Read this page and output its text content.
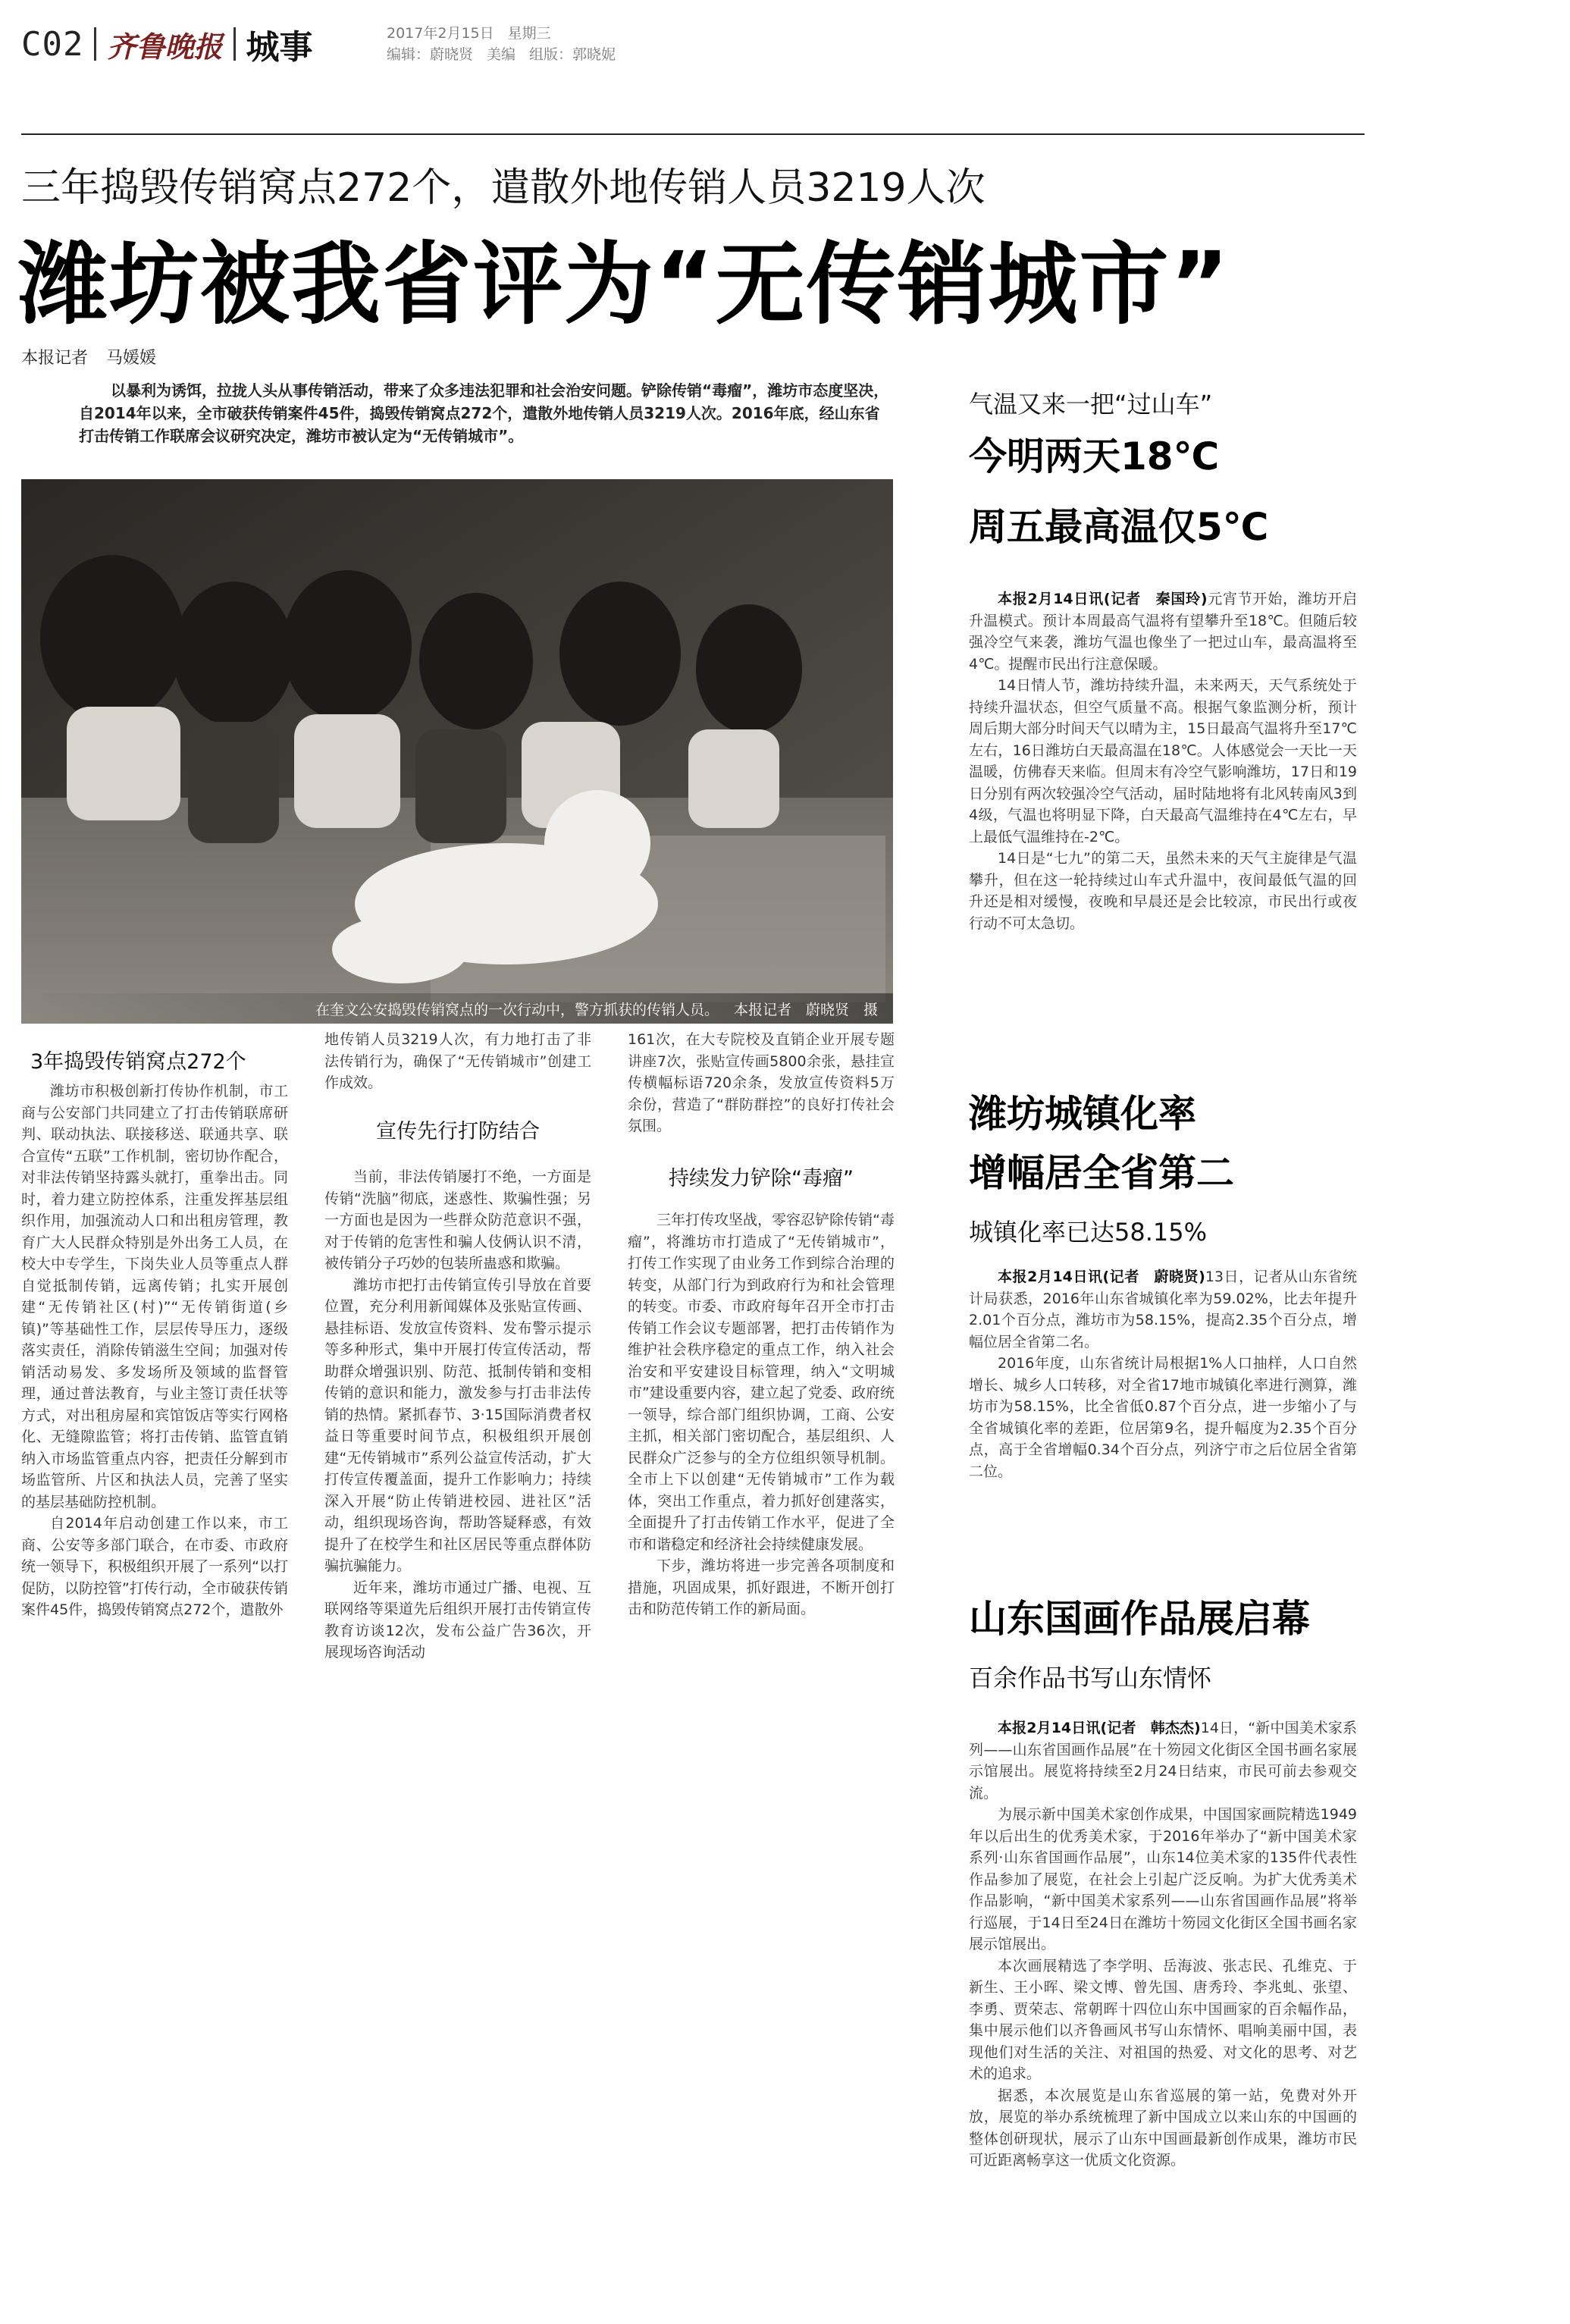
C02 齐鲁晚报 城事	2017年2月15日 星期三
编辑：蔚晓贤 美编 组版：郭晓妮
三年捣毁传销窝点272个，遣散外地传销人员3219人次
潍坊被我省评为“无传销城市”
本报记者 马媛媛
以暴利为诱饵，拉拢人头从事传销活动，带来了众多违法犯罪和社会治安问题。铲除传销“毒瘤”，潍坊市态度坚决，自2014年以来，全市破获传销案件45件，捣毁传销窝点272个，遣散外地传销人员3219人次。2016年底，经山东省打击传销工作联席会议研究决定，潍坊市被认定为“无传销城市”。
在奎文公安捣毁传销窝点的一次行动中，警方抓获的传销人员。 本报记者　蔚晓贤　摄
3年捣毁传销窝点272个

潍坊市积极创新打传协作机制，市工商与公安部门共同建立了打击传销联席研判、联动执法、联接移送、联通共享、联合宣传“五联”工作机制，密切协作配合，对非法传销坚持露头就打，重拳出击。同时，着力建立防控体系，注重发挥基层组织作用，加强流动人口和出租房管理，教育广大人民群众特别是外出务工人员，在校大中专学生，下岗失业人员等重点人群自觉抵制传销，远离传销；扎实开展创建“无传销社区(村)”“无传销街道(乡镇)”等基础性工作，层层传导压力，逐级落实责任，消除传销滋生空间；加强对传销活动易发、多发场所及领域的监督管理，通过普法教育，与业主签订责任状等方式，对出租房屋和宾馆饭店等实行网格化、无缝隙监管；将打击传销、监管直销纳入市场监管重点内容，把责任分解到市场监管所、片区和执法人员，完善了坚实的基层基础防控机制。

自2014年启动创建工作以来，市工商、公安等多部门联合，在市委、市政府统一领导下，积极组织开展了一系列“以打促防，以防控管”打传行动，全市破获传销案件45件，捣毁传销窝点272个，遣散外

地传销人员3219人次，有力地打击了非法传销行为，确保了“无传销城市”创建工作成效。

宣传先行打防结合

当前，非法传销屡打不绝，一方面是传销“洗脑”彻底，迷惑性、欺骗性强；另一方面也是因为一些群众防范意识不强，对于传销的危害性和骗人伎俩认识不清，被传销分子巧妙的包装所蛊惑和欺骗。

潍坊市把打击传销宣传引导放在首要位置，充分利用新闻媒体及张贴宣传画、悬挂标语、发放宣传资料、发布警示提示等多种形式，集中开展打传宣传活动，帮助群众增强识别、防范、抵制传销和变相传销的意识和能力，激发参与打击非法传销的热情。紧抓春节、3·15国际消费者权益日等重要时间节点，积极组织开展创建“无传销城市”系列公益宣传活动，扩大打传宣传覆盖面，提升工作影响力；持续深入开展“防止传销进校园、进社区”活动，组织现场咨询，帮助答疑释惑，有效提升了在校学生和社区居民等重点群体防骗抗骗能力。

近年来，潍坊市通过广播、电视、互联网络等渠道先后组织开展打击传销宣传教育访谈12次，发布公益广告36次，开展现场咨询活动

161次，在大专院校及直销企业开展专题讲座7次，张贴宣传画5800余张，悬挂宣传横幅标语720余条，发放宣传资料5万余份，营造了“群防群控”的良好打传社会氛围。

持续发力铲除“毒瘤”

三年打传攻坚战，零容忍铲除传销“毒瘤”，将潍坊市打造成了“无传销城市”，打传工作实现了由业务工作到综合治理的转变，从部门行为到政府行为和社会管理的转变。市委、市政府每年召开全市打击传销工作会议专题部署，把打击传销作为维护社会秩序稳定的重点工作，纳入社会治安和平安建设目标管理，纳入“文明城市”建设重要内容，建立起了党委、政府统一领导，综合部门组织协调，工商、公安主抓，相关部门密切配合，基层组织、人民群众广泛参与的全方位组织领导机制。全市上下以创建“无传销城市”工作为载体，突出工作重点，着力抓好创建落实，全面提升了打击传销工作水平，促进了全市和谐稳定和经济社会持续健康发展。

下步，潍坊将进一步完善各项制度和措施，巩固成果，抓好跟进，不断开创打击和防范传销工作的新局面。

气温又来一把“过山车”
今明两天18℃
周五最高温仅5℃

本报2月14日讯(记者　秦国玲)元宵节开始，潍坊开启升温模式。预计本周最高气温将有望攀升至18℃。但随后较强冷空气来袭，潍坊气温也像坐了一把过山车，最高温将至4℃。提醒市民出行注意保暖。

14日情人节，潍坊持续升温，未来两天，天气系统处于持续升温状态，但空气质量不高。根据气象监测分析，预计周后期大部分时间天气以晴为主，15日最高气温将升至17℃左右，16日潍坊白天最高温在18℃。人体感觉会一天比一天温暖，仿佛春天来临。但周末有冷空气影响潍坊，17日和19日分别有两次较强冷空气活动，届时陆地将有北风转南风3到4级，气温也将明显下降，白天最高气温维持在4℃左右，早上最低气温维持在-2℃。

14日是“七九”的第二天，虽然未来的天气主旋律是气温攀升，但在这一轮持续过山车式升温中，夜间最低气温的回升还是相对缓慢，夜晚和早晨还是会比较凉，市民出行或夜行动不可太急切。

潍坊城镇化率
增幅居全省第二
城镇化率已达58.15%

本报2月14日讯(记者　蔚晓贤)13日，记者从山东省统计局获悉，2016年山东省城镇化率为59.02%，比去年提升2.01个百分点，潍坊市为58.15%，提高2.35个百分点，增幅位居全省第二名。

2016年度，山东省统计局根据1%人口抽样，人口自然增长、城乡人口转移，对全省17地市城镇化率进行测算，潍坊市为58.15%，比全省低0.87个百分点，进一步缩小了与全省城镇化率的差距，位居第9名，提升幅度为2.35个百分点，高于全省增幅0.34个百分点，列济宁市之后位居全省第二位。

山东国画作品展启幕
百余作品书写山东情怀

本报2月14日讯(记者　韩杰杰)14日，“新中国美术家系列——山东省国画作品展”在十笏园文化街区全国书画名家展示馆展出。展览将持续至2月24日结束，市民可前去参观交流。

为展示新中国美术家创作成果，中国国家画院精选1949年以后出生的优秀美术家，于2016年举办了“新中国美术家系列·山东省国画作品展”，山东14位美术家的135件代表性作品参加了展览，在社会上引起广泛反响。为扩大优秀美术作品影响，“新中国美术家系列——山东省国画作品展”将举行巡展，于14日至24日在潍坊十笏园文化街区全国书画名家展示馆展出。

本次画展精选了李学明、岳海波、张志民、孔维克、于新生、王小晖、梁文博、曾先国、唐秀玲、李兆虬、张望、李勇、贾荣志、常朝晖十四位山东中国画家的百余幅作品，集中展示他们以齐鲁画风书写山东情怀、唱响美丽中国，表现他们对生活的关注、对祖国的热爱、对文化的思考、对艺术的追求。

据悉，本次展览是山东省巡展的第一站，免费对外开放，展览的举办系统梳理了新中国成立以来山东的中国画的整体创研现状，展示了山东中国画最新创作成果，潍坊市民可近距离畅享这一优质文化资源。
